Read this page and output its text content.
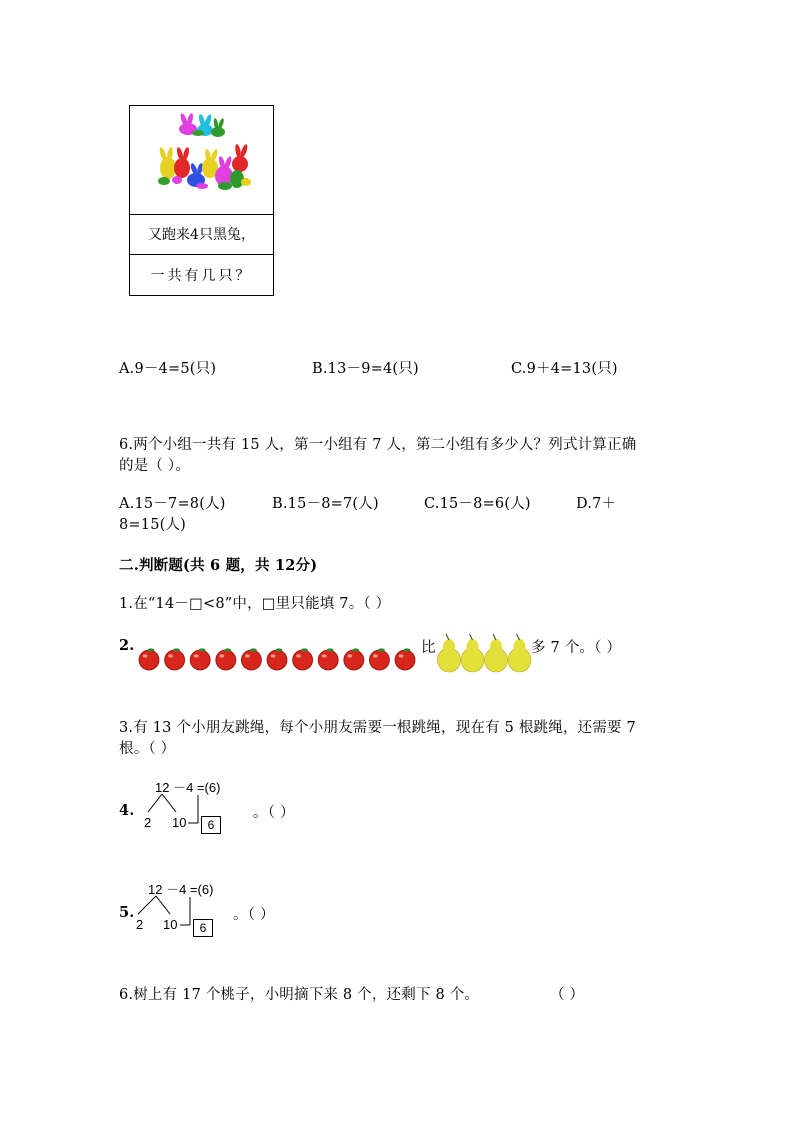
又跑来4只黑兔，
一共有几只？
A.9－4=5(只)	B.13－9=4(只)	C.9＋4=13(只)
6.两个小组一共有 15 人，第一小组有 7 人，第二小组有多少人？列式计算正确
的是（ ）。
A.15－7=8(人)	B.15－8=7(人)	C.15－8=6(人)	D.7＋
8=15(人)
二.判断题(共 6 题，共 12分)
1.在“14－□<8”中，□里只能填 7。（ ）
2.	比	多 7 个。（ ）
3.有 13 个小朋友跳绳，每个小朋友需要一根跳绳，现在有 5 根跳绳，还需要 7
根。（ ）
4.
12 －4 =(6)
2 10	6
。（ ）
5.
12 －4 =(6)
2 10	6
。（ ）
6.树上有 17 个桃子，小明摘下来 8 个，还剩下 8 个。	（ ）
